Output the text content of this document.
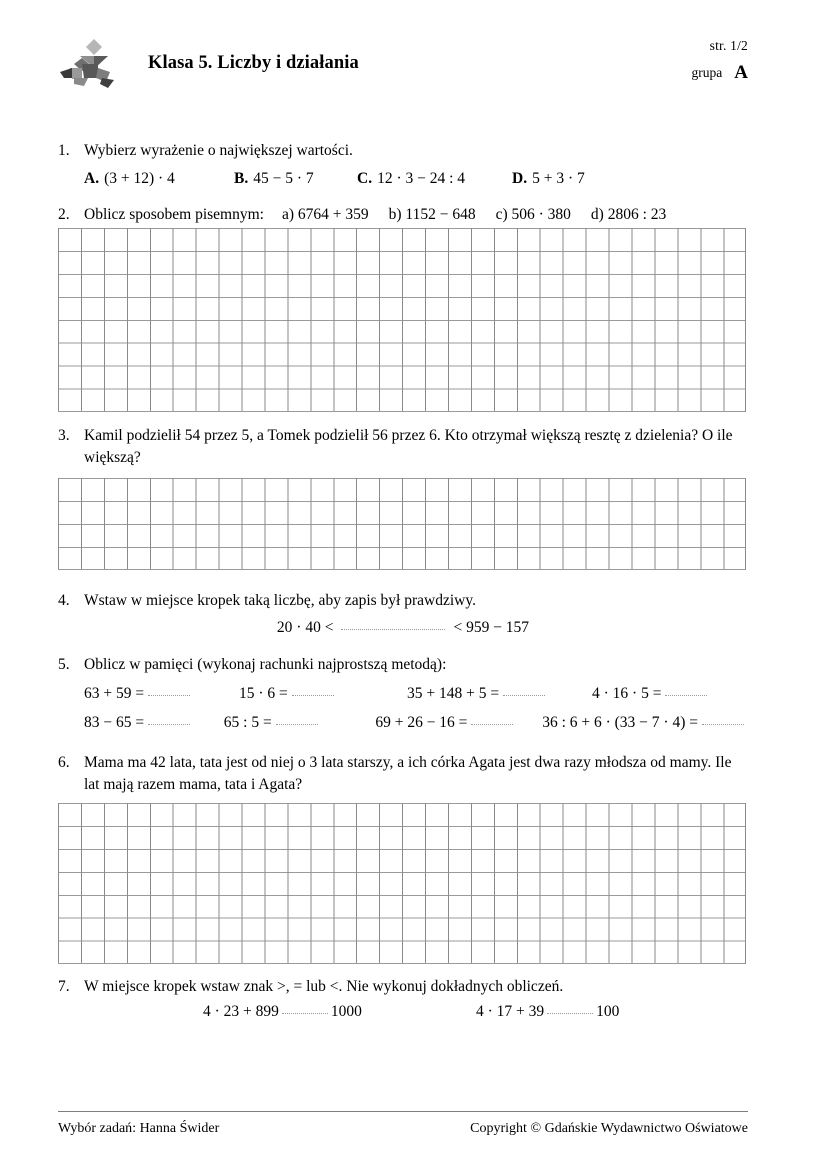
Klasa 5. Liczby i działania
str. 1/2
grupa A
1. Wybierz wyrażenie o największej wartości.
A. (3 + 12) · 4	B. 45 − 5 · 7	C. 12 · 3 − 24 : 4	D. 5 + 3 · 7
2. Oblicz sposobem pisemnym: a) 6764 + 359 b) 1152 − 648 c) 506 · 380 d) 2806 : 23
3. Kamil podzielił 54 przez 5, a Tomek podzielił 56 przez 6. Kto otrzymał większą resztę z dzielenia? O ile większą?
4. Wstaw w miejsce kropek taką liczbę, aby zapis był prawdziwy.
20 · 40 <	< 959 − 157
5. Oblicz w pamięci (wykonaj rachunki najprostszą metodą):
63 + 59 =	15 · 6 =	35 + 148 + 5 =	4 · 16 · 5 =
83 − 65 =	65 : 5 =	69 + 26 − 16 =	36 : 6 + 6 · (33 − 7 · 4) =
6. Mama ma 42 lata, tata jest od niej o 3 lata starszy, a ich córka Agata jest dwa razy młodsza od mamy. Ile lat mają razem mama, tata i Agata?
7. W miejsce kropek wstaw znak >, = lub <. Nie wykonuj dokładnych obliczeń.
4 · 23 + 899	1000	4 · 17 + 39	100
Wybór zadań: Hanna Świder	Copyright © Gdańskie Wydawnictwo Oświatowe
